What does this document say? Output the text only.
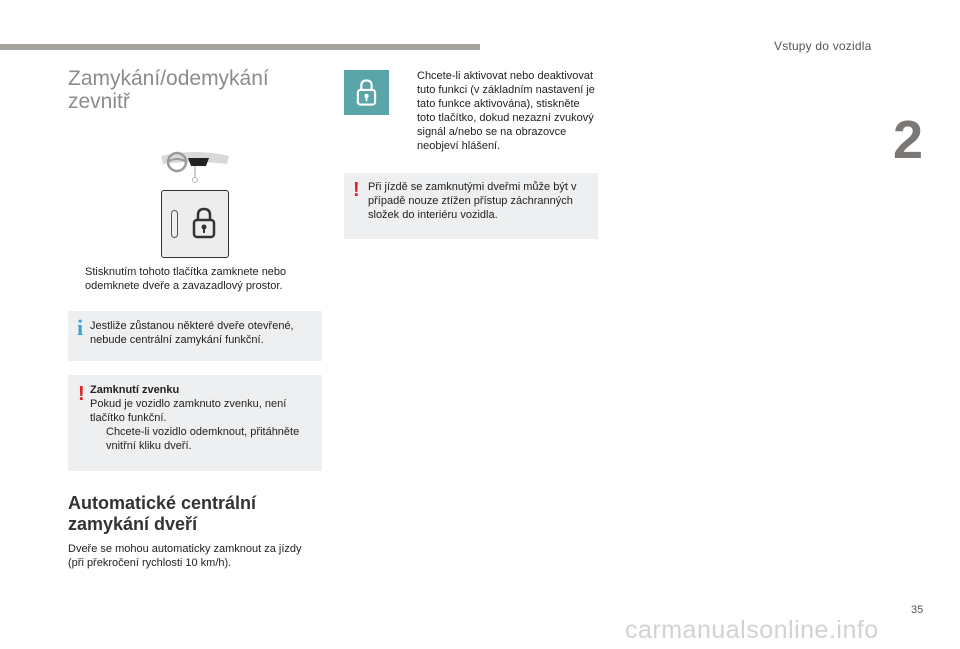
Vstupy do vozidla
2
Zamykání/odemykání zevnitř
Stisknutím tohoto tlačítka zamknete nebo odemknete dveře a zavazadlový prostor.
i Jestliže zůstanou některé dveře otevřené, nebude centrální zamykání funkční.
! Zamknutí zvenku
Pokud je vozidlo zamknuto zvenku, není tlačítko funkční.
Chcete-li vozidlo odemknout, přitáhněte vnitřní kliku dveří.
Automatické centrální zamykání dveří
Dveře se mohou automaticky zamknout za jízdy (při překročení rychlosti 10 km/h).
Chcete-li aktivovat nebo deaktivovat tuto funkci (v základním nastavení je tato funkce aktivována), stiskněte toto tlačítko, dokud nezazní zvukový signál a/nebo se na obrazovce neobjeví hlášení.
! Při jízdě se zamknutými dveřmi může být v případě nouze ztížen přístup záchranných složek do interiéru vozidla.
35
carmanualsonline.info
